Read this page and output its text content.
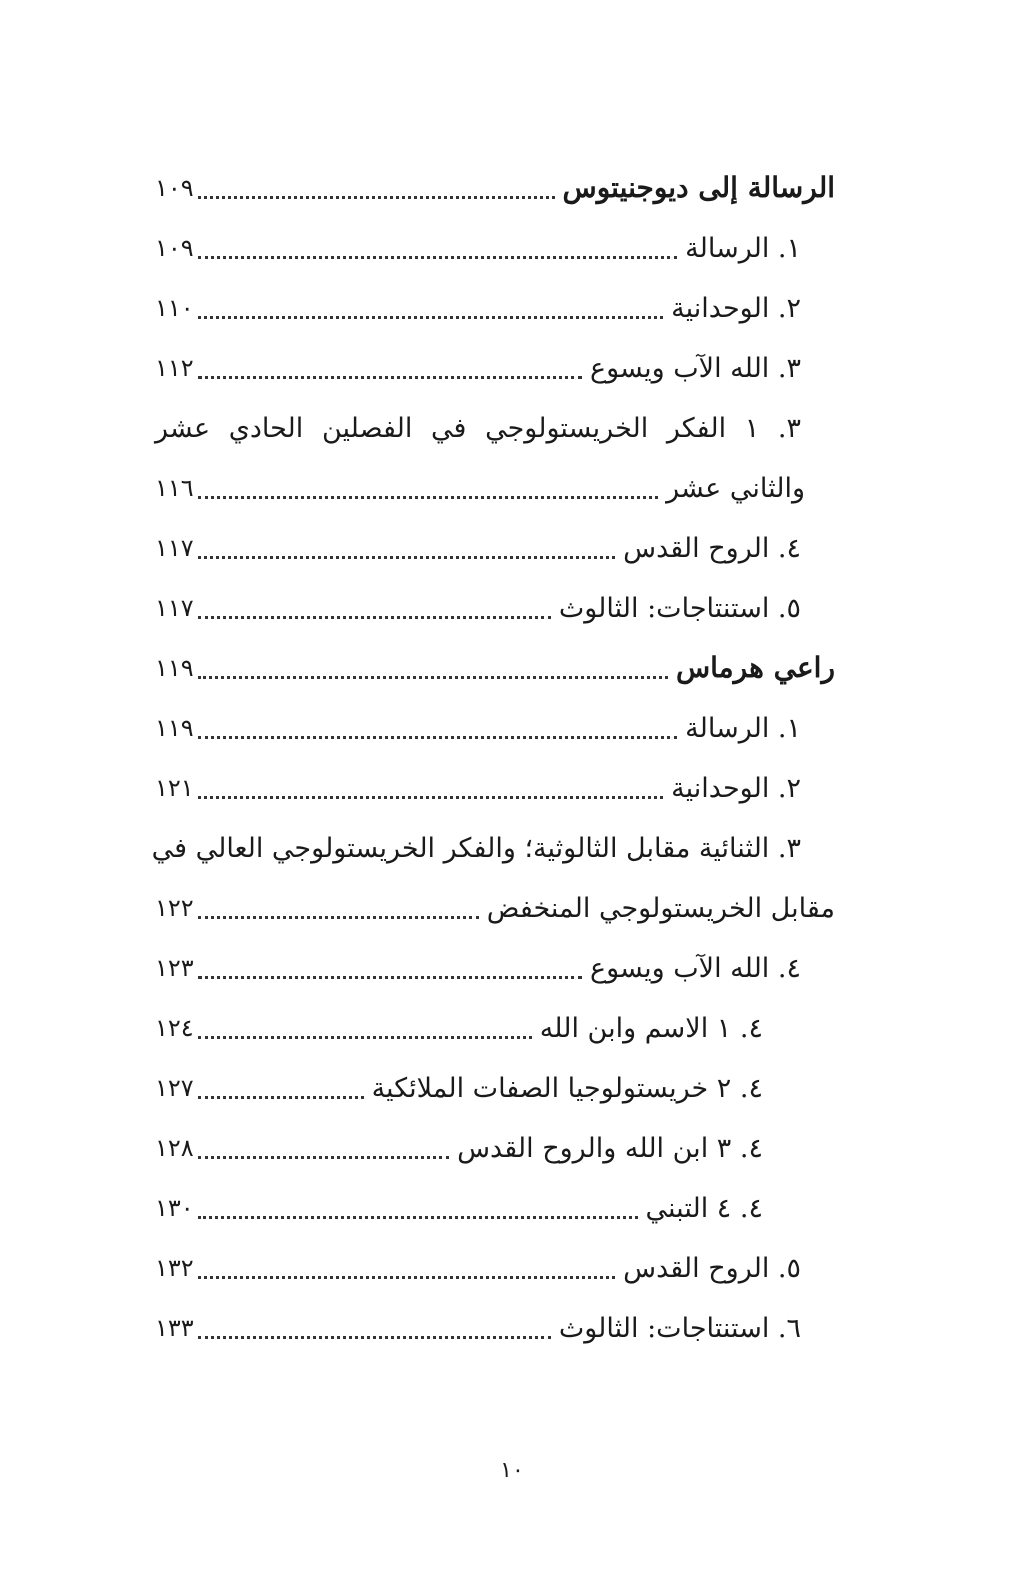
الرسالة إلى ديوجنيتوس
١٠٩
١. الرسالة
١٠٩
٢. الوحدانية
١١٠
٣. الله الآب ويسوع
١١٢
٣. ١ الفكر الخريستولوجي في الفصلين الحادي عشر
والثاني عشر
١١٦
٤. الروح القدس
١١٧
٥. استنتاجات: الثالوث
١١٧
راعي هرماس
١١٩
١. الرسالة
١١٩
٢. الوحدانية
١٢١
٣. الثنائية مقابل الثالوثية؛ والفكر الخريستولوجي العالي في
مقابل الخريستولوجي المنخفض
١٢٢
٤. الله الآب ويسوع
١٢٣
٤. ١ الاسم وابن الله
١٢٤
٤. ٢ خريستولوجيا الصفات الملائكية
١٢٧
٤. ٣ ابن الله والروح القدس
١٢٨
٤. ٤ التبني
١٣٠
٥. الروح القدس
١٣٢
٦. استنتاجات: الثالوث
١٣٣
١٠
